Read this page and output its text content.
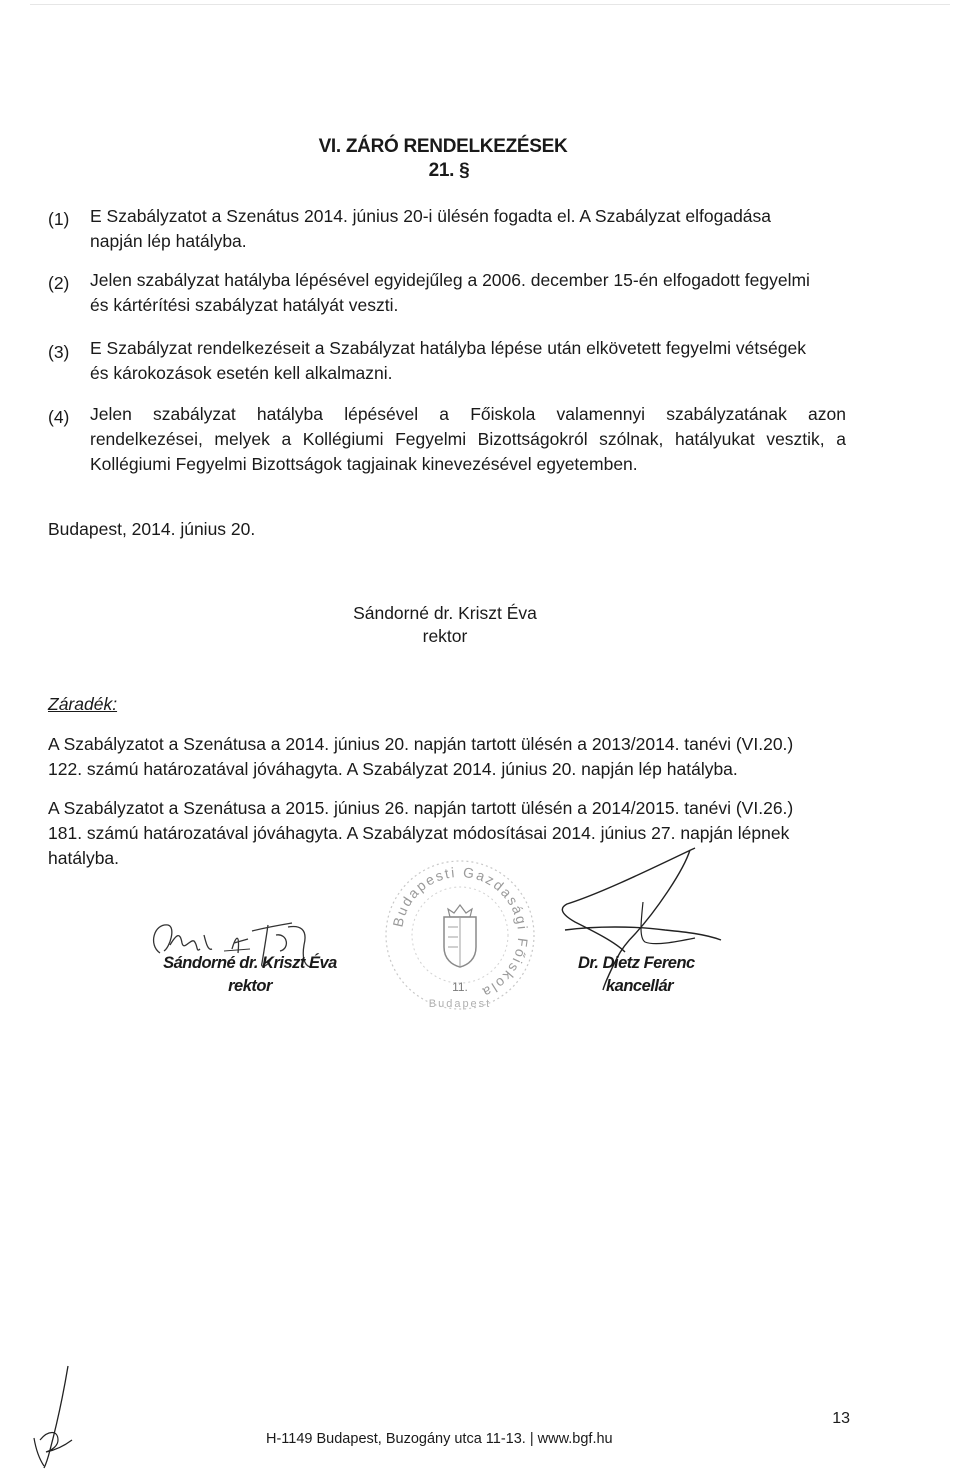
VI. ZÁRÓ RENDELKEZÉSEK
21. §
(1)	E Szabályzatot a Szenátus 2014. június 20-i ülésén fogadta el. A Szabályzat elfogadása
napján lép hatályba.
(2)	Jelen szabályzat hatályba lépésével egyidejűleg a 2006. december 15-én elfogadott fegyelmi
és kártérítési szabályzat hatályát veszti.
(3)	E Szabályzat rendelkezéseit a Szabályzat hatályba lépése után elkövetett fegyelmi vétségek
és károkozások esetén kell alkalmazni.
(4)	Jelen szabályzat hatályba lépésével a Főiskola valamennyi szabályzatának azon
rendelkezései, melyek a Kollégiumi Fegyelmi Bizottságokról szólnak, hatályukat vesztik, a
Kollégiumi Fegyelmi Bizottságok tagjainak kinevezésével egyetemben.
Budapest, 2014. június 20.
Sándorné dr. Kriszt Éva
rektor
Záradék:
A Szabályzatot a Szenátusa a 2014. június 20. napján tartott ülésén a 2013/2014. tanévi (VI.20.)
122. számú határozatával jóváhagyta. A Szabályzat 2014. június 20. napján lép hatályba.
A Szabályzatot a Szenátusa a 2015. június 26. napján tartott ülésén a 2014/2015. tanévi (VI.26.)
181. számú határozatával jóváhagyta. A Szabályzat módosításai 2014. június 27. napján lépnek
hatályba.
Sándorné dr. Kriszt Éva
rektor
Budapesti Gazdasági Főiskola
11.
Budapest
Dr. Dietz Ferenc
kancellár
13
H-1149 Budapest, Buzogány utca 11-13. | www.bgf.hu
